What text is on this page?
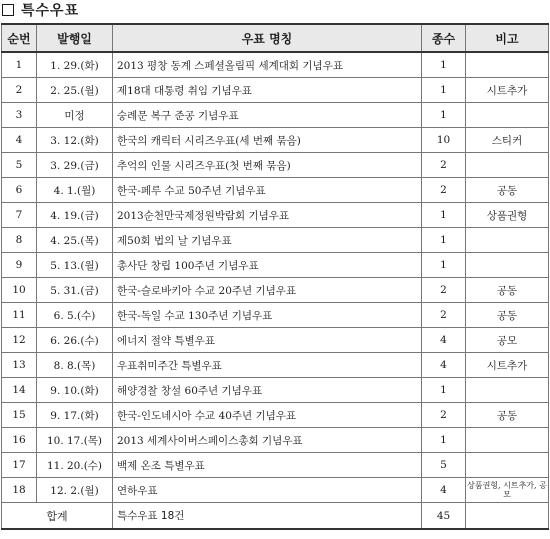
특수우표
순번	발행일	우표 명칭	종수	비고
1	1. 29.(화)	2013 평창 동계 스페셜올림픽 세계대회 기념우표	1	
2	2. 25.(월)	제18대 대통령 취임 기념우표	1	시트추가
3	미정	숭례문 복구 준공 기념우표	1	
4	3. 12.(화)	한국의 캐릭터 시리즈우표(세 번째 묶음)	10	스티커
5	3. 29.(금)	추억의 인물 시리즈우표(첫 번째 묶음)	2	
6	4. 1.(월)	한국-페루 수교 50주년 기념우표	2	공동
7	4. 19.(금)	2013순천만국제정원박람회 기념우표	1	상품권형
8	4. 25.(목)	제50회 법의 날 기념우표	1	
9	5. 13.(월)	총사단 창립 100주년 기념우표	1	
10	5. 31.(금)	한국-슬로바키아 수교 20주년 기념우표	2	공동
11	6. 5.(수)	한국-독일 수교 130주년 기념우표	2	공동
12	6. 26.(수)	에너지 절약 특별우표	4	공모
13	8. 8.(목)	우표취미주간 특별우표	4	시트추가
14	9. 10.(화)	해양경찰 창설 60주년 기념우표	1	
15	9. 17.(화)	한국-인도네시아 수교 40주년 기념우표	2	공동
16	10. 17.(목)	2013 세계사이버스페이스총회 기념우표	1	
17	11. 20.(수)	백제 온조 특별우표	5	
18	12. 2.(월)	연하우표	4	상품권형, 시트추가, 공모
합계		특수우표 18건	45	
